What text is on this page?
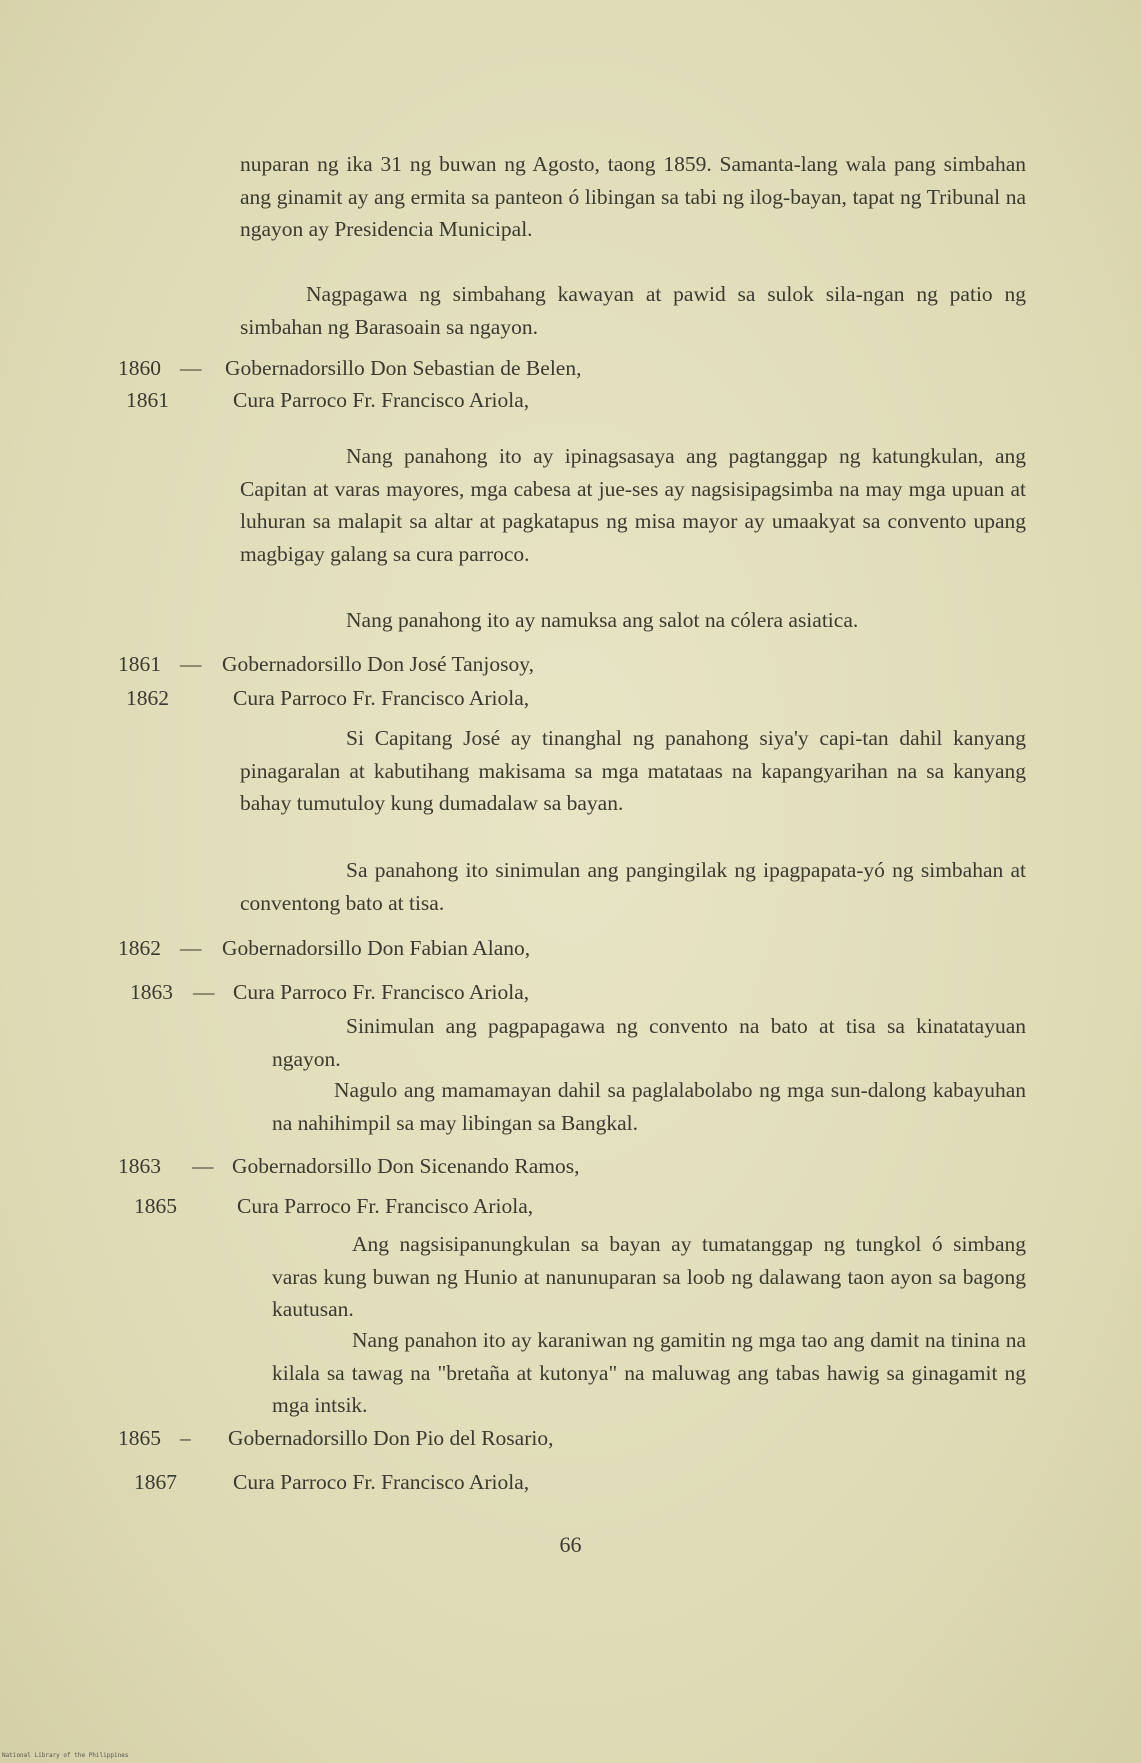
nuparan ng ika 31 ng buwan ng Agosto, taong 1859. Samanta-lang wala pang simbahan ang ginamit ay ang ermita sa panteon ó libingan sa tabi ng ilog-bayan, tapat ng Tribunal na ngayon ay Presidencia Municipal.
Nagpagawa ng simbahang kawayan at pawid sa sulok sila-ngan ng patio ng simbahan ng Barasoain sa ngayon.
1860 — Gobernadorsillo Don Sebastian de Belen,
1861	Cura Parroco Fr. Francisco Ariola,
Nang panahong ito ay ipinagsasaya ang pagtanggap ng katungkulan, ang Capitan at varas mayores, mga cabesa at jue-ses ay nagsisipagsimba na may mga upuan at luhuran sa malapit sa altar at pagkatapus ng misa mayor ay umaakyat sa convento upang magbigay galang sa cura parroco.
Nang panahong ito ay namuksa ang salot na cólera asiatica.
1861 — Gobernadorsillo Don José Tanjosoy,
1862	Cura Parroco Fr. Francisco Ariola,
Si Capitang José ay tinanghal ng panahong siya'y capi-tan dahil kanyang pinagaralan at kabutihang makisama sa mga matataas na kapangyarihan na sa kanyang bahay tumutuloy kung dumadalaw sa bayan.
Sa panahong ito sinimulan ang pangingilak ng ipagpapata-yó ng simbahan at conventong bato at tisa.
1862 — Gobernadorsillo Don Fabian Alano,
1863 — Cura Parroco Fr. Francisco Ariola,
Sinimulan ang pagpapagawa ng convento na bato at tisa sa kinatatayuan ngayon.
Nagulo ang mamamayan dahil sa paglalabolabo ng mga sun-dalong kabayuhan na nahihimpil sa may libingan sa Bangkal.
1863 — Gobernadorsillo Don Sicenando Ramos,
1865	Cura Parroco Fr. Francisco Ariola,
Ang nagsisipanungkulan sa bayan ay tumatanggap ng tungkol ó simbang varas kung buwan ng Hunio at nanunuparan sa loob ng dalawang taon ayon sa bagong kautusan.
Nang panahon ito ay karaniwan ng gamitin ng mga tao ang damit na tinina na kilala sa tawag na "bretaña at kutonya" na maluwag ang tabas hawig sa ginagamit ng mga intsik.
1865 – Gobernadorsillo Don Pio del Rosario,
1867	Cura Parroco Fr. Francisco Ariola,
66
National Library of the Philippines
